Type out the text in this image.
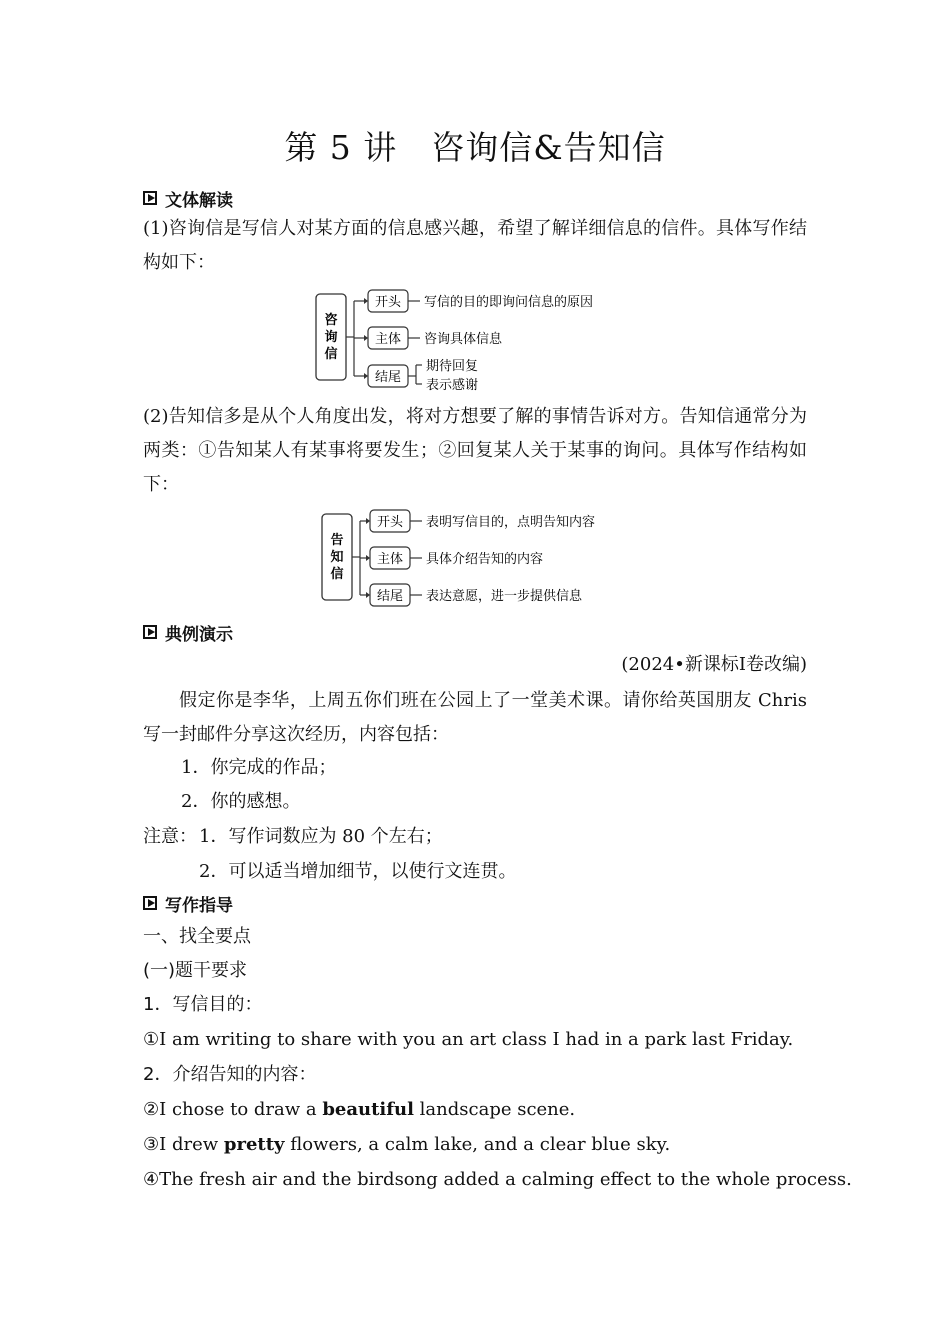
第 5 讲　咨询信&告知信
文体解读
(1)咨询信是写信人对某方面的信息感兴趣，希望了解详细信息的信件。具体写作结构如下：
咨
询
信
开头 写信的目的即询问信息的原因
主体 咨询具体信息
结尾
期待回复
表示感谢
(2)告知信多是从个人角度出发，将对方想要了解的事情告诉对方。告知信通常分为两类：①告知某人有某事将要发生；②回复某人关于某事的询问。具体写作结构如下：
告
知
信
开头 表明写信目的，点明告知内容
主体 具体介绍告知的内容
结尾 表达意愿，进一步提供信息
典例演示
(2024•新课标Ⅰ卷改编)
假定你是李华，上周五你们班在公园上了一堂美术课。请你给英国朋友 Chris 写一封邮件分享这次经历，内容包括：
1．你完成的作品；
2．你的感想。
注意： 1．写作词数应为 80 个左右；
2．可以适当增加细节，以使行文连贯。
写作指导
一、找全要点
(一)题干要求
1．写信目的：
①I am writing to share with you an art class I had in a park last Friday.
2．介绍告知的内容：
②I chose to draw a beautiful landscape scene.
③I drew pretty flowers, a calm lake, and a clear blue sky.
④The fresh air and the birdsong added a calming effect to the whole process.
